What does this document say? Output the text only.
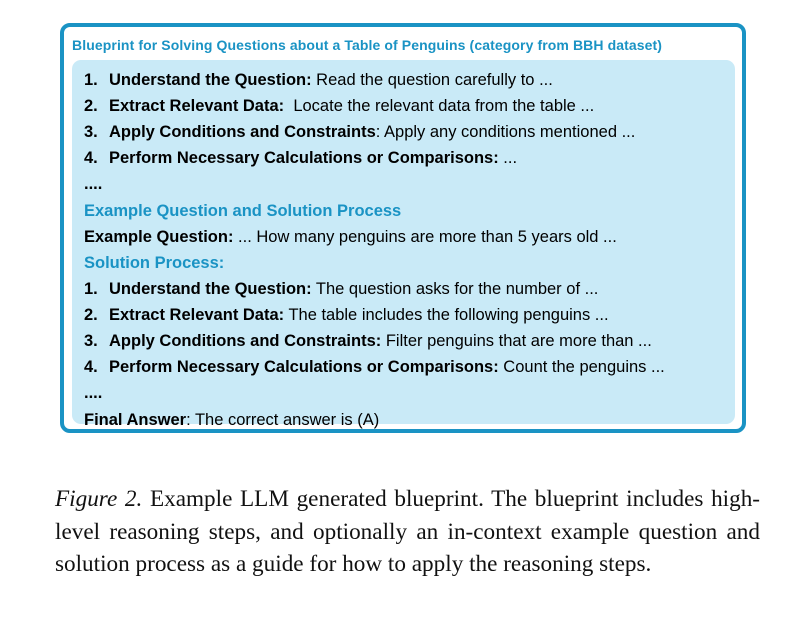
Blueprint for Solving Questions about a Table of Penguins (category from BBH dataset)
1. Understand the Question: Read the question carefully to ...
2. Extract Relevant Data:  Locate the relevant data from the table ...
3. Apply Conditions and Constraints: Apply any conditions mentioned ...
4. Perform Necessary Calculations or Comparisons: ...
....
Example Question and Solution Process
Example Question: ... How many penguins are more than 5 years old ...
Solution Process:
1. Understand the Question: The question asks for the number of ...
2. Extract Relevant Data: The table includes the following penguins ...
3. Apply Conditions and Constraints: Filter penguins that are more than ...
4. Perform Necessary Calculations or Comparisons: Count the penguins ...
....
Final Answer: The correct answer is (A)
Figure 2. Example LLM generated blueprint. The blueprint includes high-level reasoning steps, and optionally an in-context example question and solution process as a guide for how to apply the reasoning steps.
